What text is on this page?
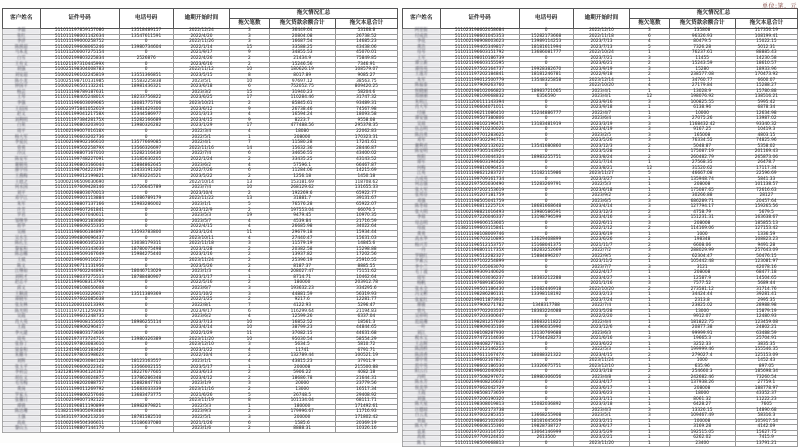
单位:笔、元
客户姓名	证件号码	电话号码	逾期开始时间	拖欠情况汇总		
				拖欠笔数	拖欠贷款余额合计	拖欠本息合计
李磊	511011197859157080	13518489157	2022/12/24	3	36449.64	53168.8
张红	511011198001142634	13547611591	2022/4/20	3	20804.08	26738.52
李济	511011199000258752	0	2022/11/26	3	16687.54	14685.23
陈援超	511002199608065246	13980734604	2022/1/14	15	33588.25	43438.06
马本龙	511011200007275154	0	2021/9/17	9	34855.53	45070.01
白雪	511002199803225834	2526876	2022/4/26	2	21434.9	75849.85
王有文	51102119731044599X	0	2023/6/16	2	15246.56	7346.91
胡强	510025198304008783	0	2022/11/12	10	180626.19	108579.07
刘安超	510002196102245819	13551366851	2023/5/15	8	8017.89	9085.27
陈小龙	510025198710131985	15583225838	2023/5/1	10	97697.12	38563.75
钟国平	510002196501132241	18981436321	2023/6/18	6	752052.75	809420.25
杨芸	511011198789187631	0	2023/3/2	15	31940.23	58204.6
王琴	51101119840524801X	18233756822	2023/6/25	17	110284.46	31747.32
李强	511011196603009665	18081775706	2023/10/21	2	85845.61	93489.31
王绍国	510021975841052619	13981429300	2023/6/12	9	26738.46	74567.98
赵文	51100119904121758X	15344586977	2021/3/13	4	16594.24	18093.58
刘利明	51101119738428175X	15282166689	2023/4/15	9	8223.7	9558.08
白果	511021196803203910	13980326282	2023/1/29	17	477488.56	295378.35
周平	51100219900701618X	0	2022/3/4	4	18080	22062.83
杨大军	510021196603202736	0	2022/5/1	1	208000	170323.31
李爱民	511002198902166610	13577669085	2022/4/1	7	11580.28	17241.61
曾勇	51101119950225879X	13566326697	2022/11/16	14	15632.36	28446.87
冷汉	511002198807167010	15282116430	2022/7/4	6	34656.55	43400.02
陈安军	511011199748227091	13185630205	2022/1/24	2	33435.25	43143.52
谢朝英	511023196803166044	15884862645	2023/6/2	4	57596.1	66467.87
廖学伟	511011198704223197	13433191320	2022/7/26	6	11284.06	14215.69
王燕梅	511011199012199821	18783224521	2023/5/22	2	1256.18	1450.18
王庭之	510002196509030690	0	2022/10/14	13	153181.69	118708.62
何永国	511011197609428146	15726645789	2023/7/4	10	268129.62	131655.33
刘平	511002198803070013	0	2023/10/4	2	192269.6	65922.77
邓学江	511002199001113884	15086789179	2022/11/22	13	31881.7	39131.67
朱军	510025198807137166	15983286002	2023/1/1	5	76576.28	65922.07
许芳	511002199607261841	0	2023/12/9	2	197553.04	66076.5
罗君	511002199207040611	0	2023/5/3	19	9479.45	10970.35
邹继华	511011198902183680	0	2023/5/7	4	4539.84	21716.59
蒋华	511011198609255335	0	2022/4/15	4	26685.98	34022.64
吴刚	511011198606184897	13593783800	2023/1/24	11	29679.18	15934.44
吴水生	510021994809096437	0	2023/10/11	4	27440.47	15631.03
陈孔生	511023196806105233	13038179311	2022/11/18	3	11579.19	14845.6
黎家和	511002199103143636	18780075498	2023/1/28	2	20382.58	15298.88
陈志娜	511011199509167649	15984275440	2023/1/16	2	13937.82	17202.56
王斌	511002199609116217	0	2023/11/24	2	25396.19	25910.55
陈文	511023196711131956	0	2023/5/26	2	8187.37	8885.55
江继如	511011197602244891	18046713029	2023/1/3	4	208027.47	75151.62
刘明才	511011198037275513	18788480907	2023/1/17	1	8714.71	10462.64
赵忠平	51102119960831379X	0	2022/5/16	2	180000	203912.78
邱文	511002198108050608	0	2023/6/7	3	193632.23	334295.6
王顺清	511002199103226617	13511389369	2021/10/2	3	44881.59	56319.93
谭晓军	511002197602085638	0	2022/1/25	2	9217.6	12281.77
张友林	51101120001021339X	0	2022/8/1	7	4122.93	5296.47
陈光明	511011197211259293	0	2023/9/17	6	116299.64	21194.83
吴霞	511011199601248735	0	2023/6/2	4	12599.26	6337.04
肖大英	511011199008155055	18986255114	2023/7/13	10	16852.52	18561.3
王霞	511002198906296417	0	2023/4/14	10	38799.23	44844.65
李元建	511002198803173636	0	2022/1/29	11	37082.15	44631.68
周英	51100219737372471X	13980326389	2023/11/20	10	95030.54	58554.29
张春丁	511002197803083610	0	2023/12/10	3	5634.5	5810.72
梁泰和	511124198102183420	0	2023/1/22	4	11741	6791.71
朱耀斗	51100219780359862X	0	2022/10/4	2	132789.44	100521.19
刘辉	511002198203084128	18123163557	2023/1/1	4	43815.23	37911.9
张玉平	511002196606222342	13566002155	2023/5/17	1	200008	215500.88
李初会	532128199304124167	18227677605	2023/6/13	2	5906.22	4082.18
胡在文	511021196603024875	13786286348	2023/4/12	2	18686.78	21644.31
毛雪梅	511011198202088757	15882847763	2023/1/9	3	20000	23779.56
黄岗	511011199011269792	15683033339	2023/11/16	2	13000	16517.34
罗家玉	511011199806257646	13683473775	2021/6/26	5	26748.5	29408.92
张馨日	511002199007192122	0	2023/11/19	8	101134.04	68111.71
谭倩	511010196811190899	18982879821	2022/5/3	1	180000	171492.61
陈达珊	513821199305093484	0	2023/9/3	2	179996.67	11716.93
王强	513431197304213216	18781582510	2022/5/1	3	200000	171802.42
高欢	511002199504306611	15186637080	2021/1/26	6	1585.6	20369.19
黎山玉	511011198807144170	0	2023/1/6	2	8888.31	10326.16
客户姓名	证件号码	电话号码	逾期开始时间	拖欠情况汇总		
				拖欠笔数	拖欠贷款余额合计	拖欠本息合计
阿里街	511023198602058684	0	2022/12/10	3	135808	117356.19
付成贵	511011198601045353	15282173668	2022/11/18	6	96326.93	108199.41
李花	511002198908003623	13989114253	2023/7/13	4	80479.5	15022.15
黄浩	511011199405349817	18181611994	2023/7/13	5	7326.28	5012.31
母琴	511011196603151792	13686081777	2022/10/24	1	76237.61	88885.43
王军	511011198010186739	0	2023/7/21	3	11455	14230.58
谭立新	511021196603155595	0	2023/6/21	2	15243.59	18610.57
谭伟英	511002197502164737	19928382670	2023/9/19	3	15280	18933.96
王遂芳	511011197202184841	18181246781	2022/9/18	2	238577.08	170473.92
朱军	511011199012500779	13548325858	2023/12/14	1	34760.77	6600.07
陈福泰	511021197909263760	0	2022/10/20	4	27179.84	15288.27
侯晓丽	511002198102066823	18983721065	2023/4/1	1	13028.9	15780.88
郑丽丽	511002198109068832	6356590	2023/4/1	12	198076.92	138516.21
朱明江	511011200111143394	0	2023/9/16	3	100825.55	5995.42
肖大军	511021196604071011	0	2023/9/18	1	6138.96	6878.34
付丽	511002196211086410	15244886777	2022/4/7	1	10000	12634.98
谭安强	511002199507380806	0	2023/6/4	3	27075.26	13987.02
吴琼	511002198102196471	13183481919	2023/3/19	3	1168432.42	93340.32
伍志明	511002198710230020	0	2023/4/19	3	9167.25	10419.3
陈昌勇	511002197701283625	0	2023/2/5	3	165008	4803.15
邓军	511002197302294711	0	2023/5/26	3	76334.55	74825.96
谢利君	511002198202132622	13541680860	2023/12/3	2	5048.87	5358.02
陈安明	511002197305143925	0	2023/5/28	1	175087.19	201169.43
侯阳	511011199103044324	18983255751	2023/8/24	2	260482.79	265873.06
谭军	511002196603194426	0	2021/7/14	1	27568.35	26478.7
何梅	511021199810096453	0	2023/8/21	12	31520.62	17117.34
江英	511011198621283727	15182115986	2023/11/27	5	46667.08	22596.69
古成英	511011199709161734	0	2023/3/27	1	135948.74	5841.33
何志强	513022197505030490	15283269791	2022/5/3	1	208008	101138.57
张大军	511002197202153619	0	2023/6/18	1	175087.65	72616.63
张邦芬	511011195207181759	0	2023/9/2	2	30266.88	28127
邓强	511011198505041759	0	2023/6/5	3	686289.71	20457.64
陈冬琼	51100119681122571X	18681668648	2023/4/14	3	127794.17	159265.56
张大明	511002198821016493	13980586591	2023/12/3	2	4758.79	5679.5
李琼	511002197226046337	13198796599	2023/4/16	3	151231.31	163638.67
母志明	511011199606153605	0	2022/6/11	3	208008	185855.13
母波	513821199603115841	0	2022/1/12	2	114169.06	127153.42
黄勇	511011198108009746	0	2023/6/19	1	1000	1336.59
高永华	511011196703210895	13629408899	2023/6/26	2	198348	108823.23
杨兴芳	511021196512153757	15168041375	2021/11/7	2	6608.06	9491.28
一丹	51102119680111735X	18283252669	2022/7/2	3	288029.99	257643.09
罗晓红	511021196512282327	15884896207	2022/9/5	2	62304.47	50476.15
罗素云	511011197102254899	0	2023/11/2	1	105442.48	123081.97
李小兰	511021197105063070	0	2023/7/7	3	3121	42078.16
毛丁波	511528199309140626	0	2022/4/17	1	208008	68477.18
周军	511002198103036237	18383212288	2023/4/27	1	12587.9	14504.65
杨帆	511011197689185560	0	2021/1/16	3	7577.52	5689.44
张永全	511002199501186430	15082446918	2022/10/20	2	273581.12	31714.76
冯文彬	511011198286286131	13398118192	2023/2/13	1	34424.44	39281.41
张家红	511002199011873933	0	2023/7/24	1	2313.8	2995.35
廖骏	511011197906271782	1348317788	2022/7/4	1	23825.02	28988.98
曾凡	511011197702203537	18383224088	2023/5/28	1	13000	15879.19
吴祥明	511002197203300647	0	2022/2/20	1	9912.07	12480.93
范烧珊	511011198281257639	18683211822	2022/4/4	1	181822.75	123459.08
一叶	511011198909035106	13696035990	2023/12/6	4	20877.38	24802.21
刘江	511011198108287930	13130769688	2023/6/3	1	99999.91	63488.59
税永宝	511022197472114636	17764428273	2021/6/16	3	19665.3	25704.91
王志辉	511002198408277813	0	2023/6/22	1	3252.33	3835.35
陈清桥	511011197212146255	0	2022/5/3	1	199999.46	155546.35
陈清香	51101119761116747X	18088321322	2023/4/15	2	279027.4	125153.09
谭中勇	511011199602167817	0	2023/11/24	1	1000	1452.43
范中英	511011198602186530	13326675751	2023/12/10	1	635.96	897.05
阳云召	511028199602040924	0	2023/3/18	2	254660.3	185698.34
冯明	511011197508297672	18980306056	2023/4/8	2	242682.46	73260.54
陈永芳	511002199408216637	0	2023/4/17	1	137938.26	27759.1
侯美华	511010197662042729	0	2023/6/17	1	208008	188778.97
王霞	511002198508173659	0	2023/6/23	1	18000	43352.37
刘强	511002197206190320	0	2023/1/11	1	8061.32	11222.23
陈天星	511011198308019813	15082036892	2023/3/18	1	6428.27	7605
汪德琼	511011197002173738	0	2023/4/3	3	13326.15	14890.68
白云龙	511023197002285355	13668255908	2023/5/1	3	109467.49	58316.3
曾磊	511002198862102636	18181645659	2023/2/11	1	100008	105917.54
陈大平	511002196608155360	19828738727	2023/6/17	1	3169.28	4142.09
袁某	511002197203114725	13064146999	2023/5/29	1	192515.05	15627.75
高欢	511002197709124410	2613500	2023/2/21	1	6262.02	7415.9
陈飞	511011198509068813	0	2023/11/20	1	23400	13791.21
